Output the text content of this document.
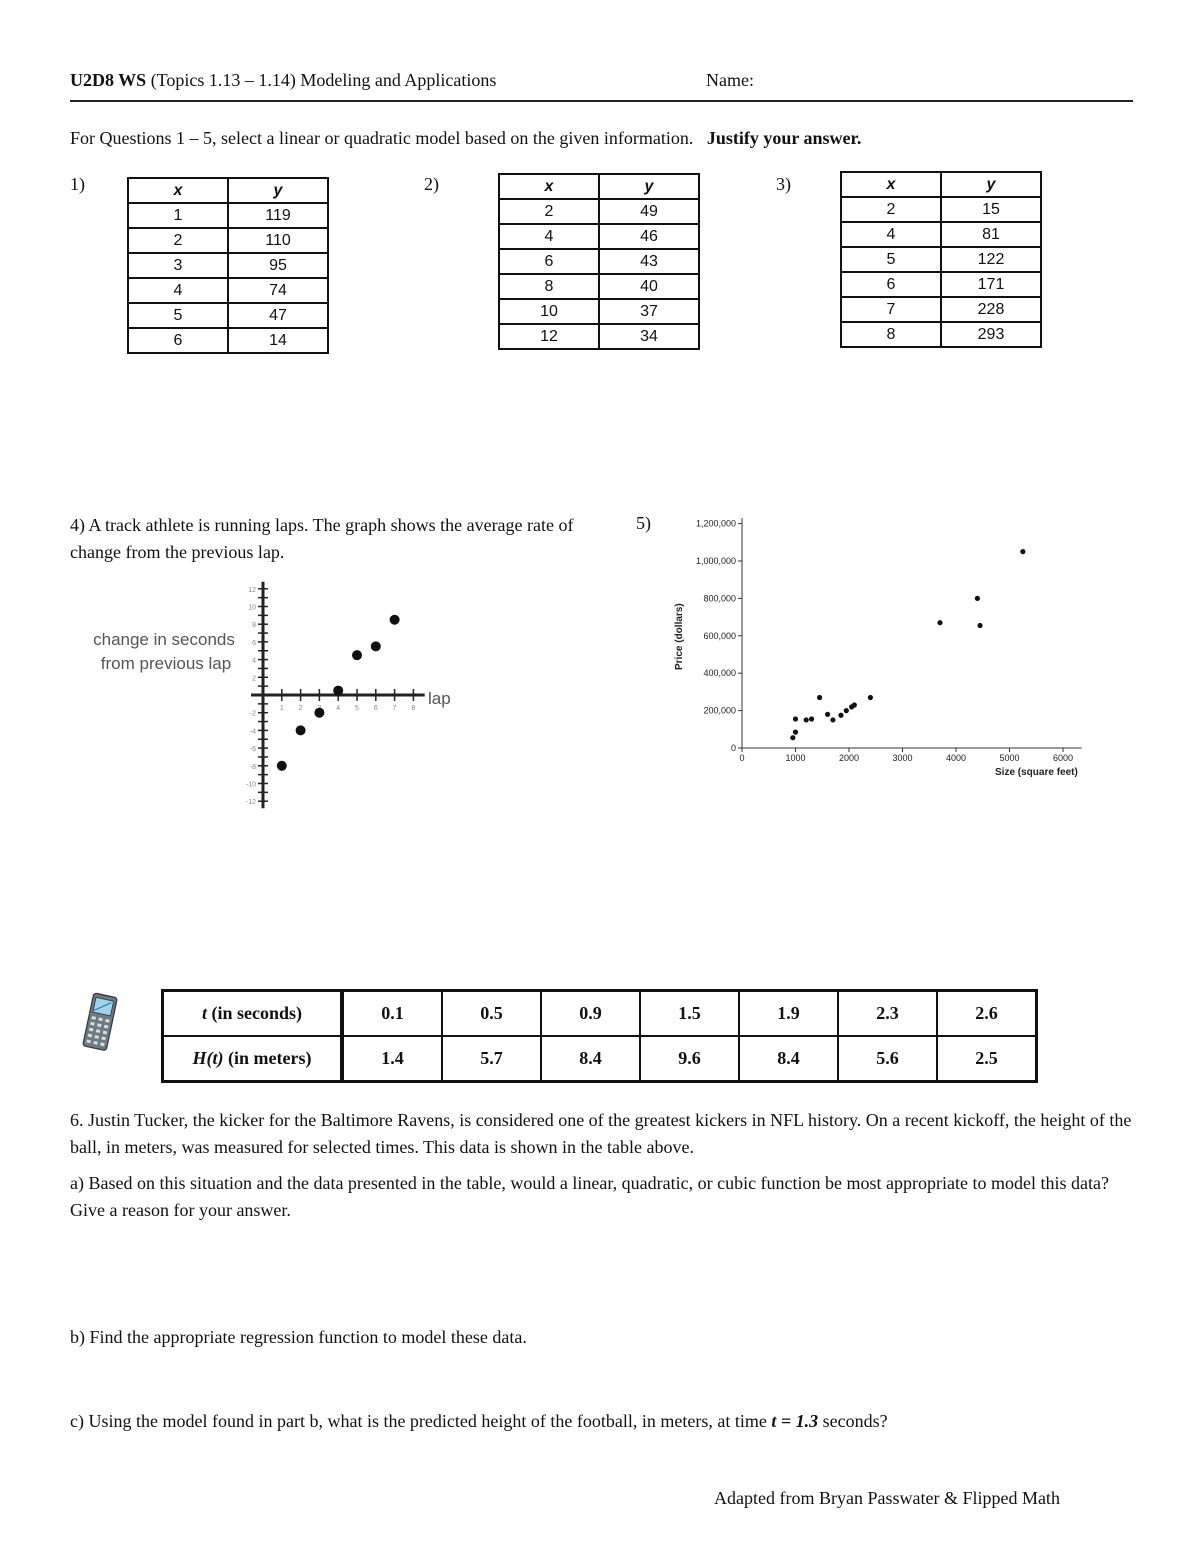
U2D8 WS (Topics 1.13 – 1.14) Modeling and Applications	Name:
For Questions 1 – 5, select a linear or quadratic model based on the given information. Justify your answer.
1)	x	y
1	119
2	110
3	95
4	74
5	47
6	14
2)	x	y
2	49
4	46
6	43
8	40
10	37
12	34
3)	x	y
2	15
4	81
5	122
6	171
7	228
8	293
4) A track athlete is running laps. The graph shows the average rate of change from the previous lap.
change in seconds
from previous lap
lap
12
10
8
6
4
2
-2
-4
-6
-8
-10
-12
1 2	4 5 6 7 8
5)
Size (square feet)
Price (dollars)
0
200,000
400,000
600,000
800,000
1,000,000
1,200,000
0	1000	2000	3000	4000	5000	6000
t (in seconds)	0.1	0.5	0.9	1.5	1.9	2.3	2.6
H(t) (in meters)	1.4	5.7	8.4	9.6	8.4	5.6	2.5
6. Justin Tucker, the kicker for the Baltimore Ravens, is considered one of the greatest kickers in NFL history. On a recent kickoff, the height of the ball, in meters, was measured for selected times. This data is shown in the table above.
a) Based on this situation and the data presented in the table, would a linear, quadratic, or cubic function be most appropriate to model this data? Give a reason for your answer.
b) Find the appropriate regression function to model these data.
c) Using the model found in part b, what is the predicted height of the football, in meters, at time t = 1.3 seconds?
Adapted from Bryan Passwater & Flipped Math
